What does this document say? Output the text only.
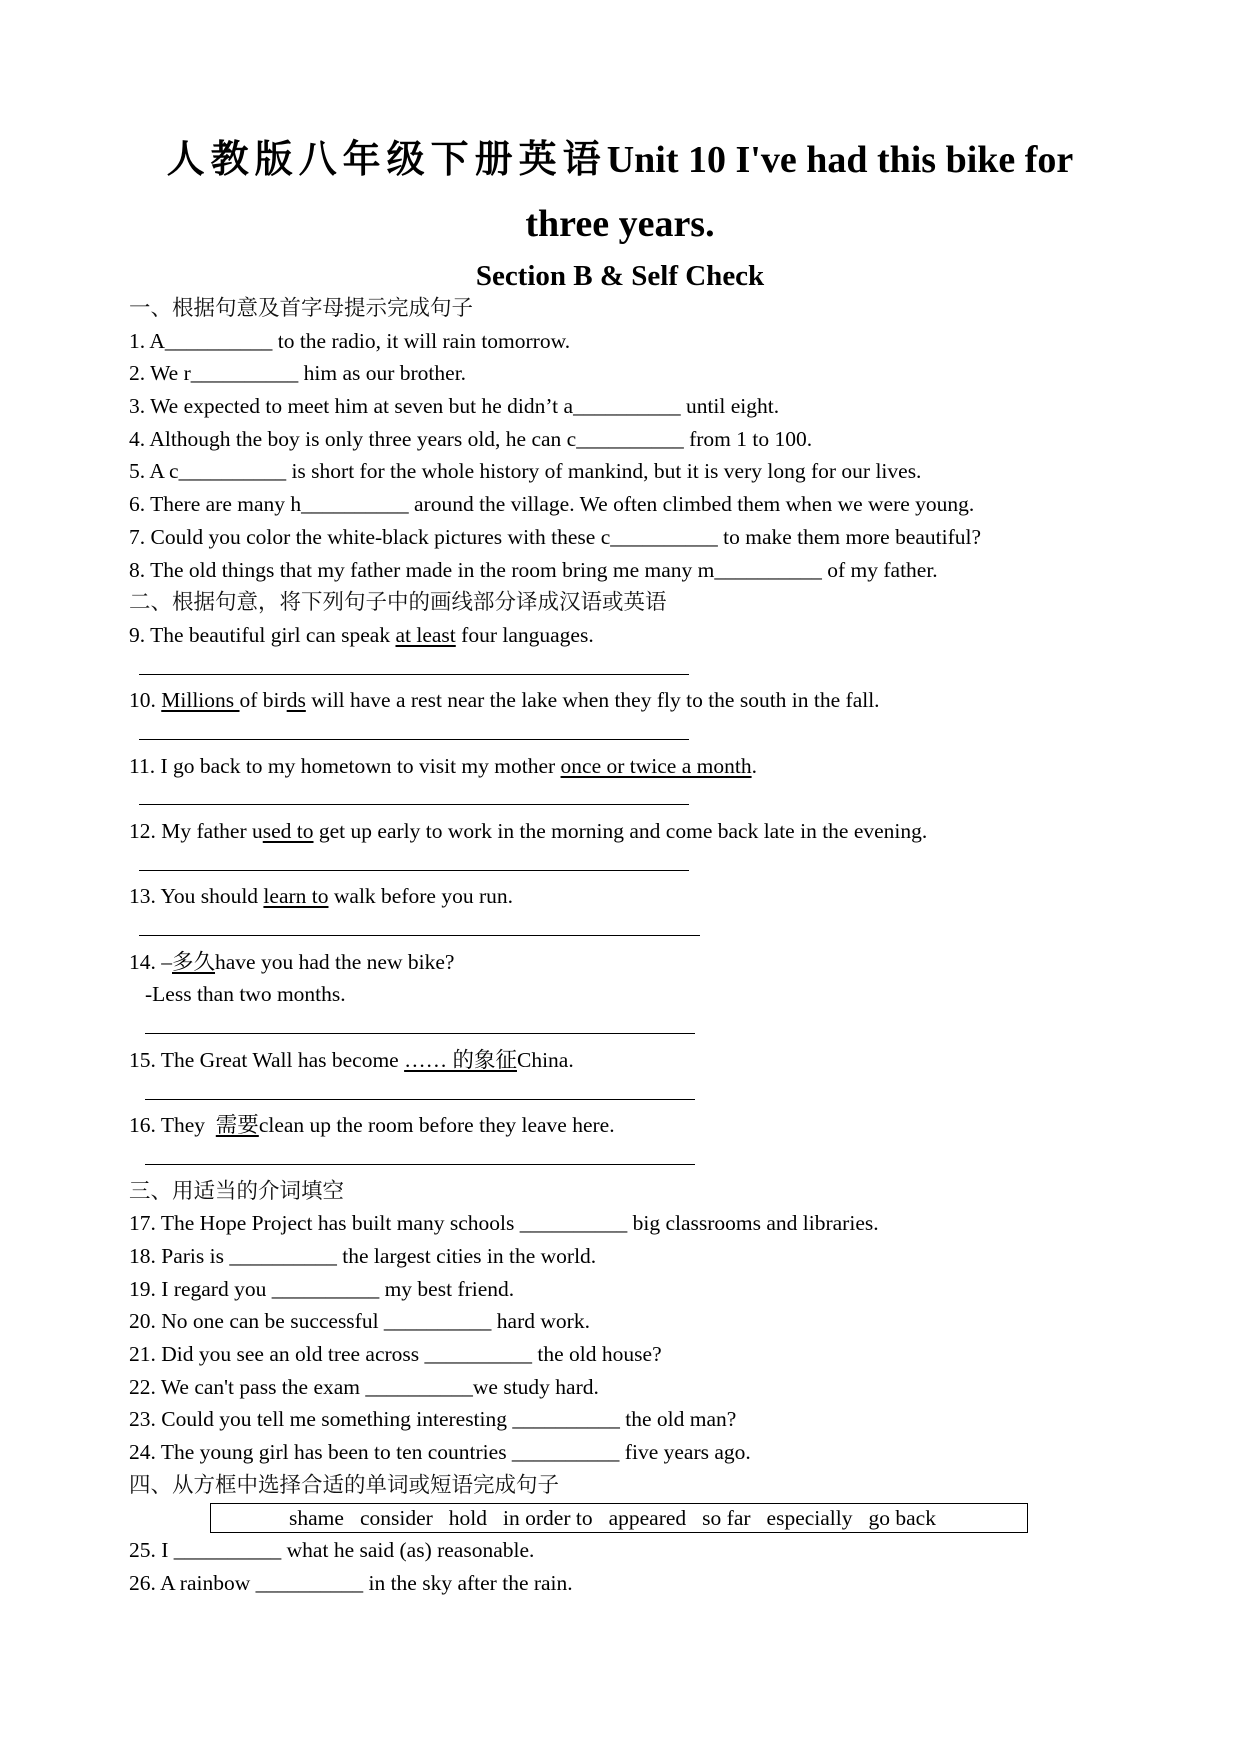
人教版八年级下册英语Unit 10 I've had this bike for
three years.
Section B & Self Check
一、根据句意及首字母提示完成句子
1. A__________ to the radio, it will rain tomorrow.
2. We r__________ him as our brother.
3. We expected to meet him at seven but he didn’t a__________ until eight.
4. Although the boy is only three years old, he can c__________ from 1 to 100.
5. A c__________ is short for the whole history of mankind, but it is very long for our lives.
6. There are many h__________ around the village. We often climbed them when we were young.
7. Could you color the white-black pictures with these c__________ to make them more beautiful?
8. The old things that my father made in the room bring me many m__________ of my father.
二、根据句意，将下列句子中的画线部分译成汉语或英语
9. The beautiful girl can speak at least four languages.
10. Millions of birds will have a rest near the lake when they fly to the south in the fall.
11. I go back to my hometown to visit my mother once or twice a month.
12. My father used to get up early to work in the morning and come back late in the evening.
13. You should learn to walk before you run.
14. –多久have you had the new bike?
-Less than two months.
15. The Great Wall has become …… 的象征China.
16. They  需要clean up the room before they leave here.
三、用适当的介词填空
17. The Hope Project has built many schools __________ big classrooms and libraries.
18. Paris is __________ the largest cities in the world.
19. I regard you __________ my best friend.
20. No one can be successful __________ hard work.
21. Did you see an old tree across __________ the old house?
22. We can't pass the exam __________we study hard.
23. Could you tell me something interesting __________ the old man?
24. The young girl has been to ten countries __________ five years ago.
四、从方框中选择合适的单词或短语完成句子
shame consider hold in order to appeared so far especially go back
25. I __________ what he said (as) reasonable.
26. A rainbow __________ in the sky after the rain.
